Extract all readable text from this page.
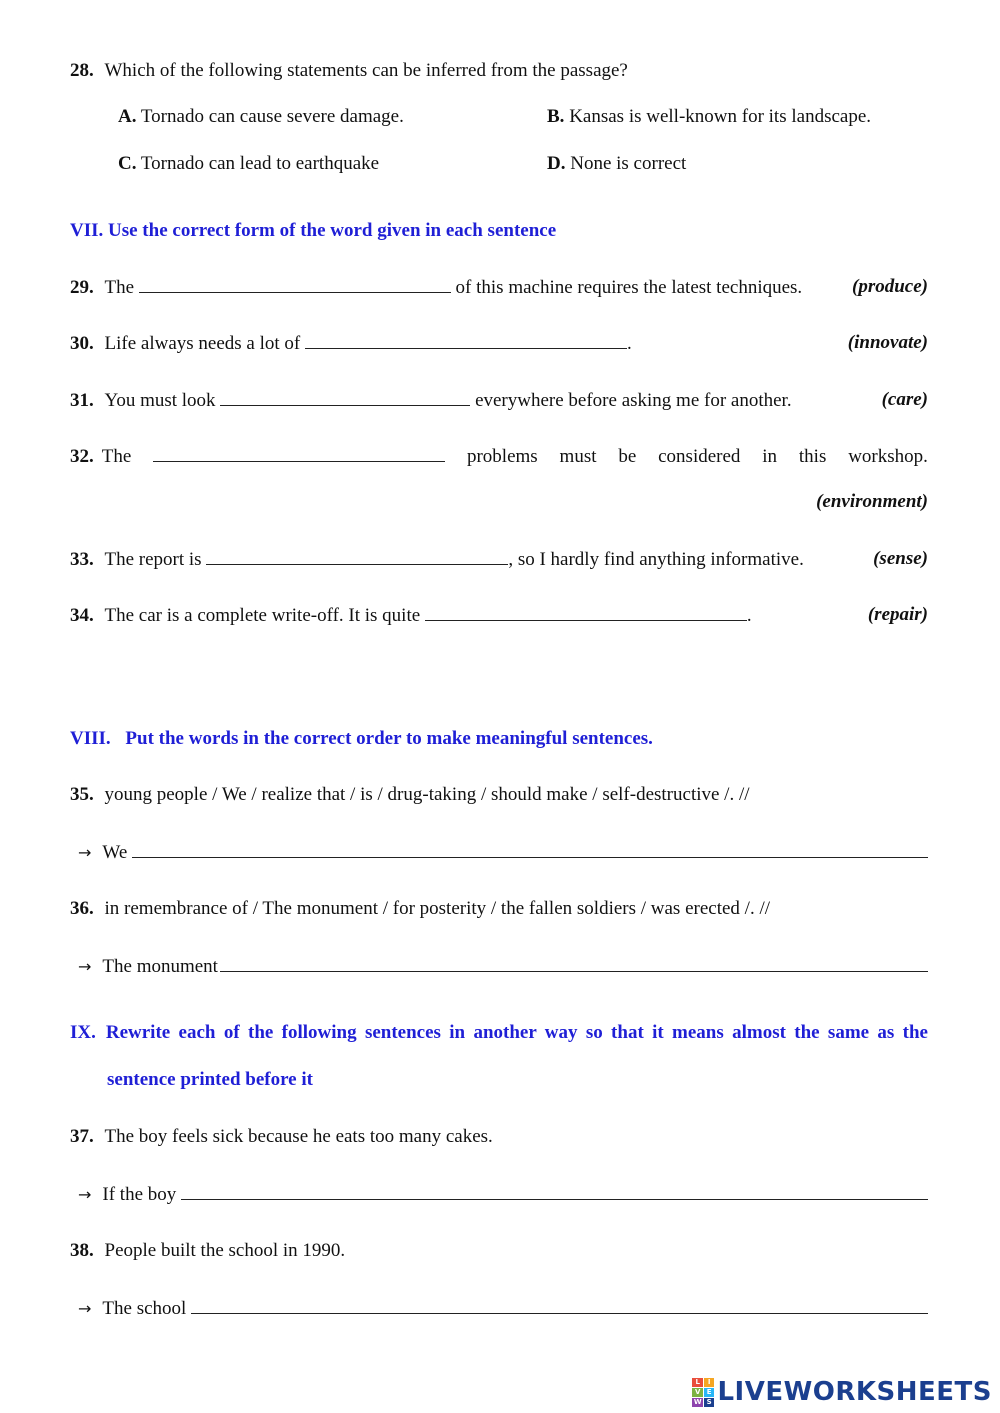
28. Which of the following statements can be inferred from the passage?
A. Tornado can cause severe damage.	B. Kansas is well-known for its landscape.
C. Tornado can lead to earthquake	D. None is correct
VII. Use the correct form of the word given in each sentence
29. The	of this machine requires the latest techniques.	(produce)
30. Life always needs a lot of	.	(innovate)
31. You must look	everywhere before asking me for another.	(care)
32. The	problems must be considered in this workshop.
(environment)
33. The report is	, so I hardly find anything informative.	(sense)
34. The car is a complete write-off. It is quite	.	(repair)
VIII. Put the words in the correct order to make meaningful sentences.
35. young people / We / realize that / is / drug-taking / should make / self-destructive /. //
→ We
36. in remembrance of / The monument / for posterity / the fallen soldiers / was erected /. //
→ The monument
IX. Rewrite each of the following sentences in another way so that it means almost the same as the
sentence printed before it
37. The boy feels sick because he eats too many cakes.
→ If the boy
38. People built the school in 1990.
→ The school
L	I
V E
W S LIVEWORKSHEETS
